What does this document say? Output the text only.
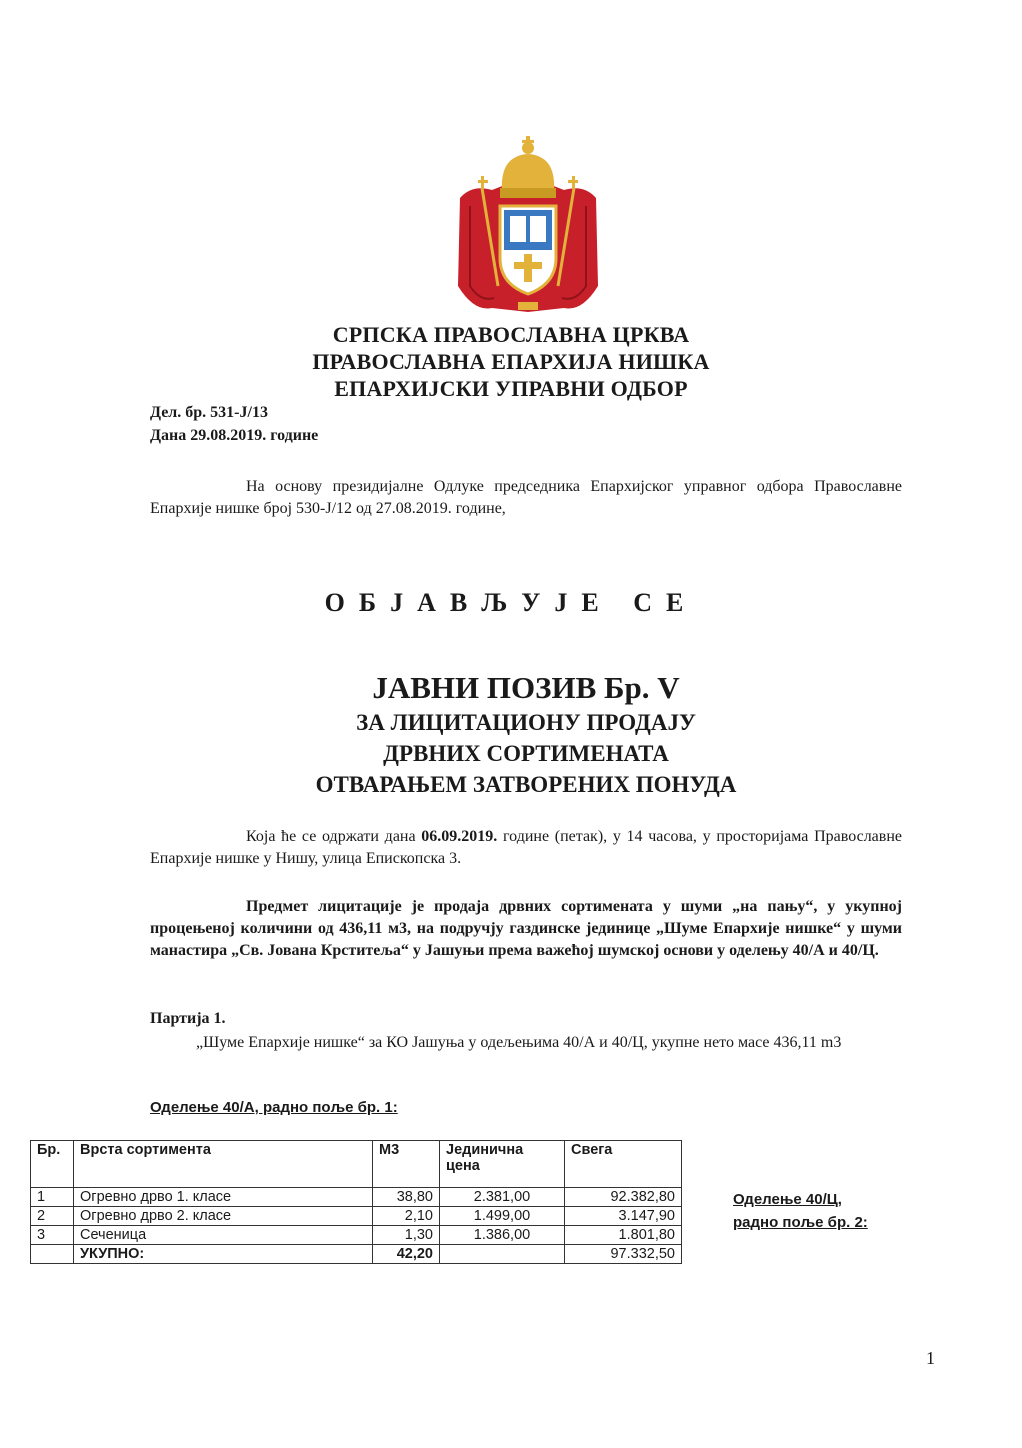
СРПСКА ПРАВОСЛАВНА ЦРКВА
ПРАВОСЛАВНА ЕПАРХИЈА НИШКА
ЕПАРХИЈСКИ УПРАВНИ ОДБОР
Дел. бр. 531-Ј/13
Дана 29.08.2019. године
На основу президијалне Одлуке председника Епархијског управног одбора Православне Епархије нишке број 530-Ј/12 од 27.08.2019. године,
ОБЈАВЉУЈЕ СЕ
ЈАВНИ ПОЗИВ Бр. V
ЗА ЛИЦИТАЦИОНУ ПРОДАЈУ
ДРВНИХ СОРТИМЕНАТА
ОТВАРАЊЕМ ЗАТВОРЕНИХ ПОНУДА
Која ће се одржати дана 06.09.2019. године (петак), у 14 часова, у просторијама Православне Епархије нишке у Нишу, улица Епископска 3.
Предмет лицитације је продаја дрвних сортимената у шуми „на пању“, у укупној процењеној количини од 436,11 м3, на подручју газдинске јединице „Шуме Епархије нишке“ у шуми манастира „Св. Јована Крститеља“ у Јашуњи према важећој шумској основи у оделењу 40/А и 40/Ц.
Партија 1.
„Шуме Епархије нишке“ за КО Јашуња у одељењима 40/А и 40/Ц, укупне нето масе 436,11 m3
Оделење 40/А, радно поље бр. 1:
Бр.	Врста сортимента	М3	Јединична цена	Свега
1	Огревно дрво 1. класе	38,80	2.381,00	92.382,80
2	Огревно дрво 2. класе	2,10	1.499,00	3.147,90
3	Сеченица	1,30	1.386,00	1.801,80
	УКУПНО:	42,20		97.332,50
Оделење 40/Ц,
радно поље бр. 2:
1
